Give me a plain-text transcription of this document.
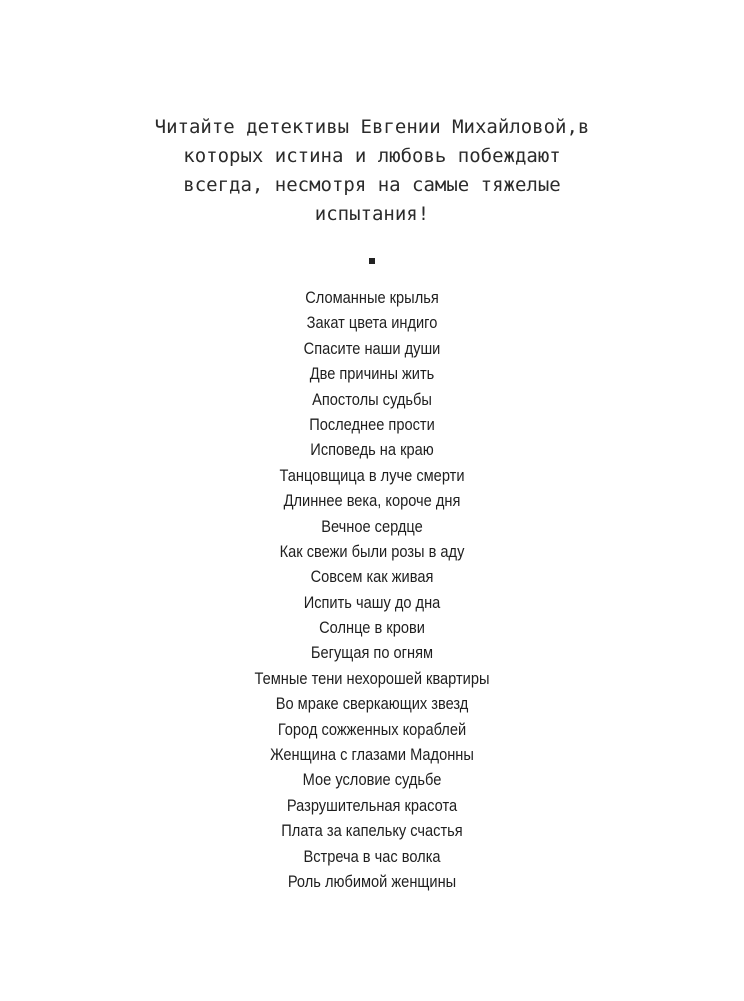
Читайте детективы Евгении Михайловой,в
которых истина и любовь побеждают
всегда, несмотря на самые тяжелые
испытания!
Сломанные крылья
Закат цвета индиго
Спасите наши души
Две причины жить
Апостолы судьбы
Последнее прости
Исповедь на краю
Танцовщица в луче смерти
Длиннее века, короче дня
Вечное сердце
Как свежи были розы в аду
Совсем как живая
Испить чашу до дна
Солнце в крови
Бегущая по огням
Темные тени нехорошей квартиры
Во мраке сверкающих звезд
Город сожженных кораблей
Женщина с глазами Мадонны
Мое условие судьбе
Разрушительная красота
Плата за капельку счастья
Встреча в час волка
Роль любимой женщины
